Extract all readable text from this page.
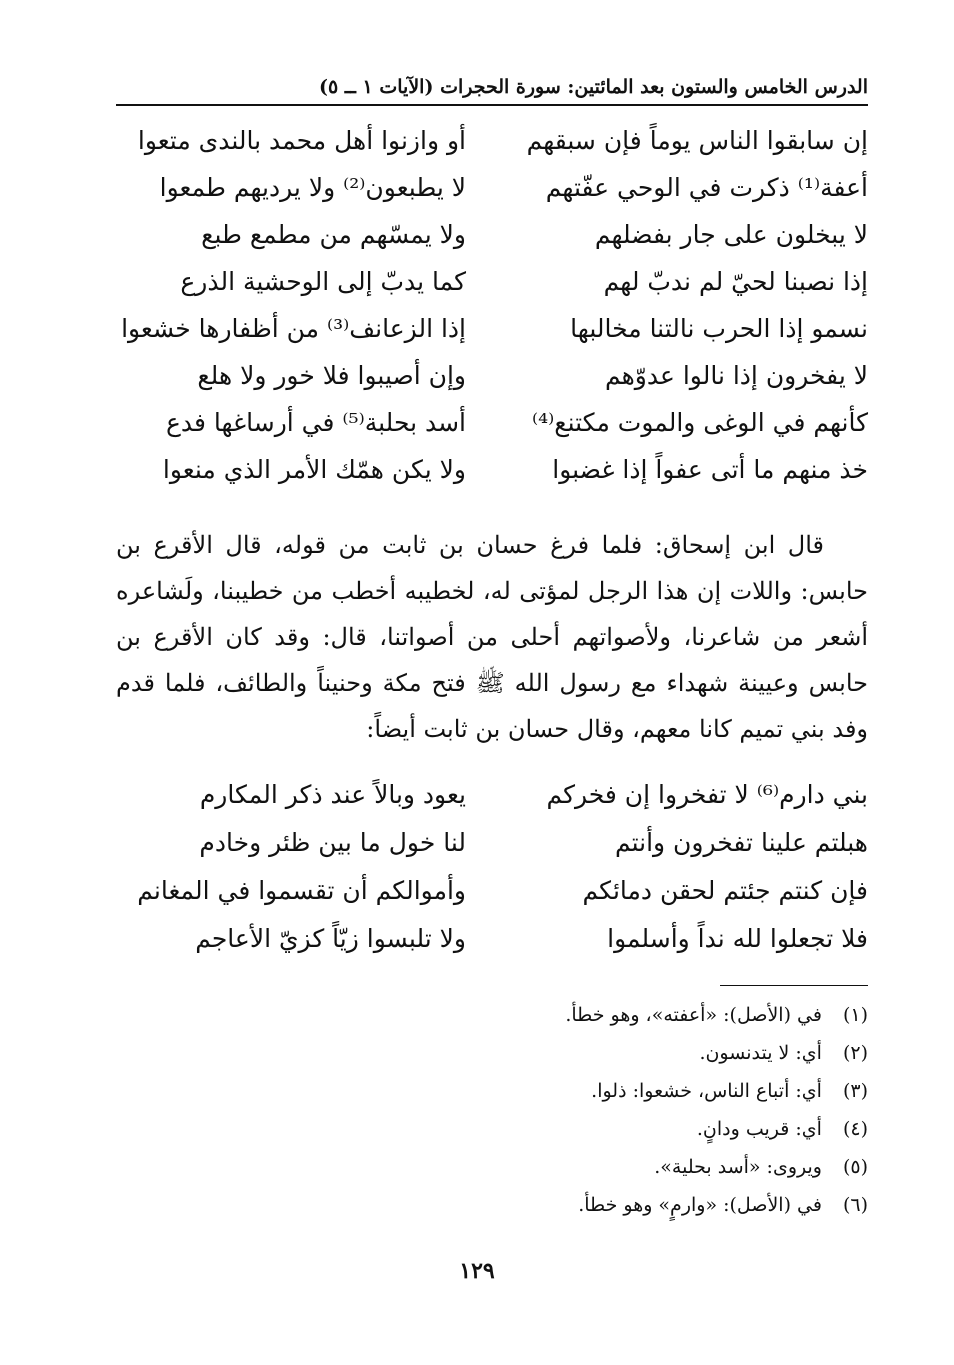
الدرس الخامس والستون بعد المائتين: سورة الحجرات (الآيات ١ ــ ٥)
إن سابقوا الناس يوماً فإن سبقهم
أو وازنوا أهل محمد بالندى متعوا
أعفة⁽¹⁾ ذكرت في الوحي عفّتهم
لا يطبعون⁽²⁾ ولا يرديهم طمعوا
لا يبخلون على جار بفضلهم
ولا يمسّهم من مطمع طبع
إذا نصبنا لحيّ لم ندبّ لهم
كما يدبّ إلى الوحشية الذرع
نسمو إذا الحرب نالتنا مخالبها
إذا الزعانف⁽³⁾ من أظفارها خشعوا
لا يفخرون إذا نالوا عدوّهم
وإن أصيبوا فلا خور ولا هلع
كأنهم في الوغى والموت مكتنع⁽⁴⁾
أسد بحلبة⁽⁵⁾ في أرساغها فدع
خذ منهم ما أتى عفواً إذا غضبوا
ولا يكن همّك الأمر الذي منعوا
قال ابن إسحاق: فلما فرغ حسان بن ثابت من قوله، قال الأقرع بن حابس: واللات إن هذا الرجل لمؤتى له، لخطيبه أخطب من خطيبنا، ولَشاعره أشعر من شاعرنا، ولأصواتهم أحلى من أصواتنا، قال: وقد كان الأقرع بن حابس وعيينة شهداء مع رسول الله ﷺ فتح مكة وحنيناً والطائف، فلما قدم وفد بني تميم كانا معهم، وقال حسان بن ثابت أيضاً:
بني دارم⁽⁶⁾ لا تفخروا إن فخركم
يعود وبالاً عند ذكر المكارم
هبلتم علينا تفخرون وأنتم
لنا خول ما بين ظئر وخادم
فإن كنتم جئتم لحقن دمائكم
وأموالكم أن تقسموا في المغانم
فلا تجعلوا لله نداً وأسلموا
ولا تلبسوا زيّاً كزيّ الأعاجم
(١) في (الأصل): «أعفته»، وهو خطأ.
(٢) أي: لا يتدنسون.
(٣) أي: أتباع الناس، خشعوا: ذلوا.
(٤) أي: قريب ودانٍ.
(٥) ويروى: «أسد بحلية».
(٦) في (الأصل): «وارمٍ» وهو خطأ.
١٢٩
